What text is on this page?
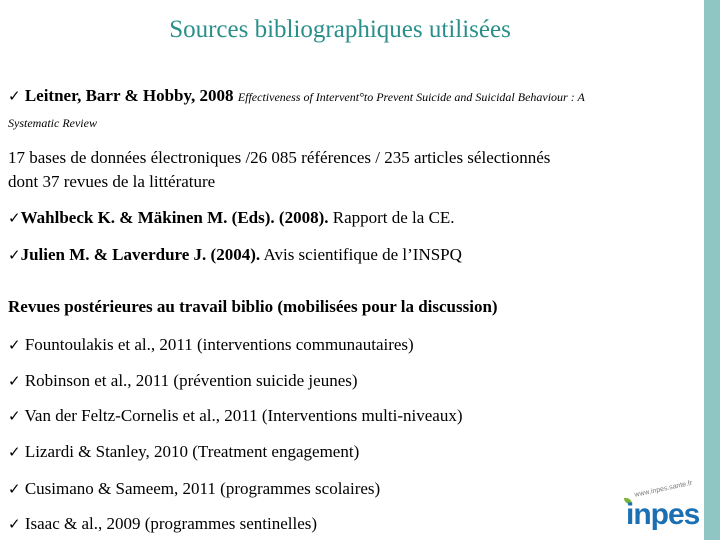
Sources bibliographiques utilisées
✓ Leitner, Barr & Hobby, 2008 Effectiveness of Intervent°to Prevent Suicide and Suicidal Behaviour : A
Systematic Review
17 bases de données électroniques /26 085 références / 235 articles sélectionnés
dont 37 revues de la littérature
✓Wahlbeck K. & Mäkinen M. (Eds). (2008). Rapport de la CE.
✓Julien M. & Laverdure J. (2004). Avis scientifique de l’INSPQ
Revues postérieures au travail biblio (mobilisées pour la discussion)
✓ Fountoulakis et al., 2011 (interventions communautaires)
✓ Robinson et al., 2011 (prévention suicide jeunes)
✓ Van der Feltz-Cornelis et al., 2011 (Interventions multi-niveaux)
✓ Lizardi & Stanley, 2010 (Treatment engagement)
✓ Cusimano & Sameem, 2011 (programmes scolaires)
✓ Isaac & al., 2009 (programmes sentinelles)
www.inpes.sante.fr
inpes
